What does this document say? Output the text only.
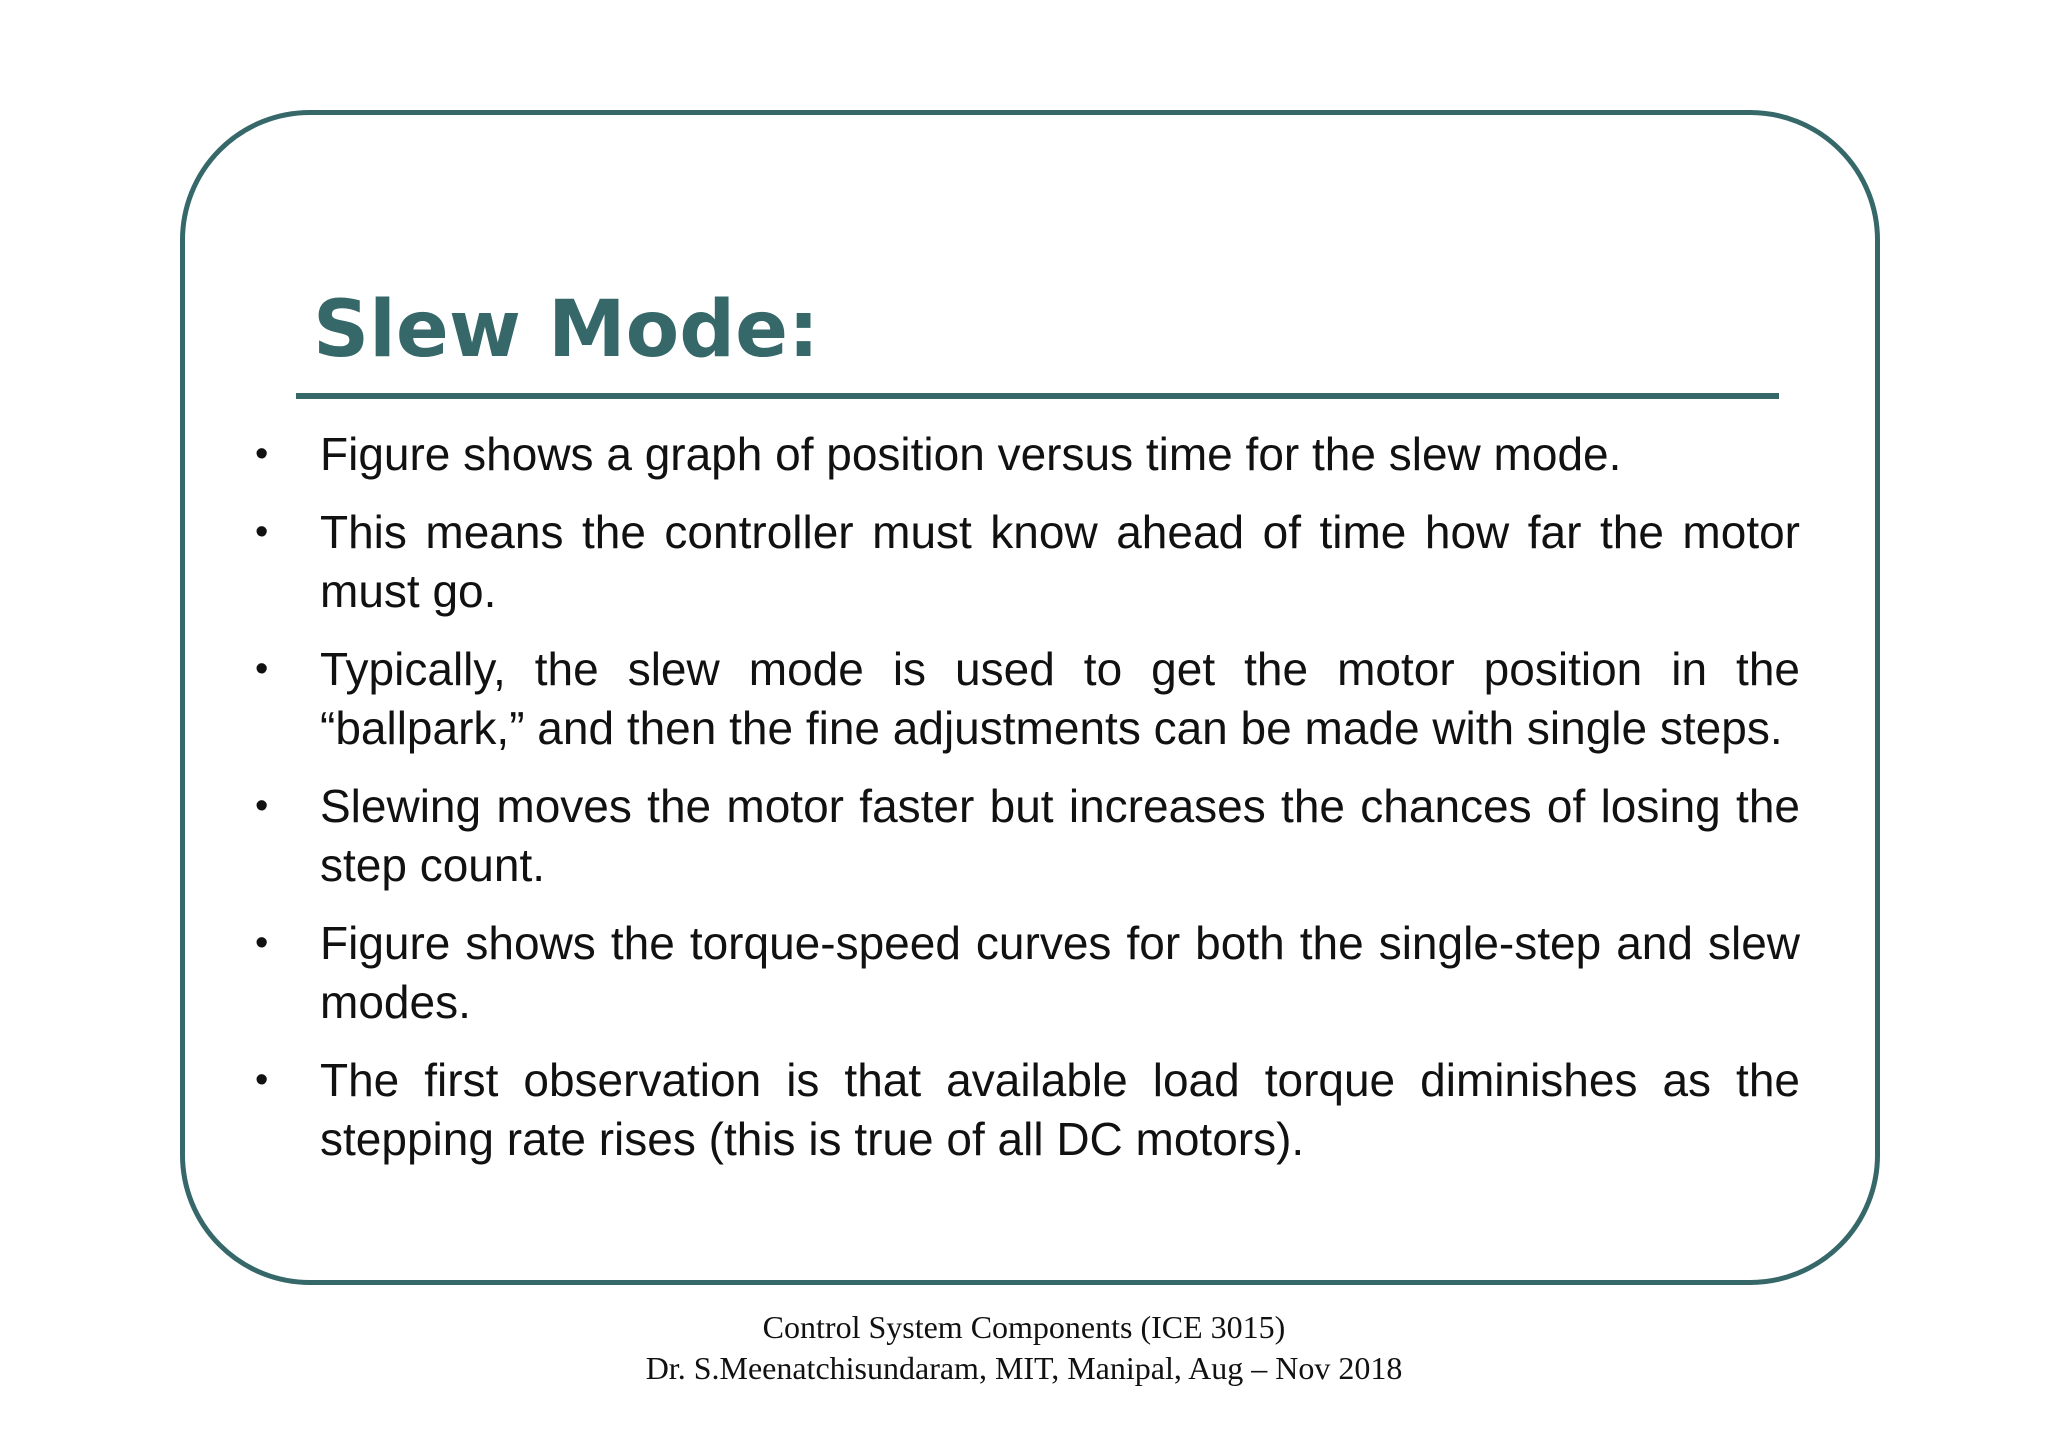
Slew Mode:
•	Figure shows a graph of position versus time for the slew mode.
•	This means the controller must know ahead of time how far the motor must go.
•	Typically, the slew mode is used to get the motor position in the “ballpark,” and then the fine adjustments can be made with single steps.
•	Slewing moves the motor faster but increases the chances of losing the step count.
•	Figure shows the torque-speed curves for both the single-step and slew modes.
•	The first observation is that available load torque diminishes as the stepping rate rises (this is true of all DC motors).
Control System Components (ICE 3015)
Dr. S.Meenatchisundaram, MIT, Manipal, Aug – Nov 2018
